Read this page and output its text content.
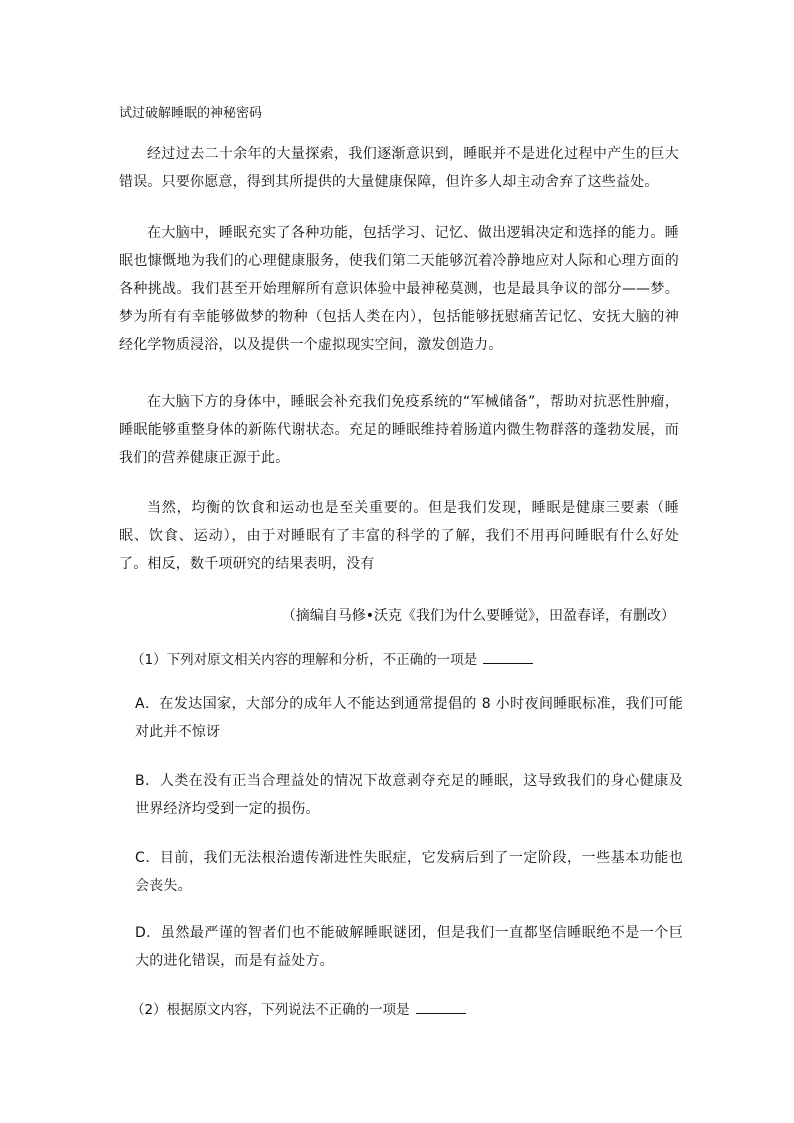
试过破解睡眠的神秘密码
经过过去二十余年的大量探索，我们逐渐意识到，睡眠并不是进化过程中产生的巨大错误。只要你愿意，得到其所提供的大量健康保障，但许多人却主动舍弃了这些益处。
在大脑中，睡眠充实了各种功能，包括学习、记忆、做出逻辑决定和选择的能力。睡眠也慷慨地为我们的心理健康服务，使我们第二天能够沉着冷静地应对人际和心理方面的各种挑战。我们甚至开始理解所有意识体验中最神秘莫测，也是最具争议的部分——梦。梦为所有有幸能够做梦的物种（包括人类在内），包括能够抚慰痛苦记忆、安抚大脑的神经化学物质浸浴，以及提供一个虚拟现实空间，激发创造力。
在大脑下方的身体中，睡眠会补充我们免疫系统的“军械储备”，帮助对抗恶性肿瘤，睡眠能够重整身体的新陈代谢状态。充足的睡眠维持着肠道内微生物群落的蓬勃发展，而我们的营养健康正源于此。
当然，均衡的饮食和运动也是至关重要的。但是我们发现，睡眠是健康三要素（睡眠、饮食、运动），由于对睡眠有了丰富的科学的了解，我们不用再问睡眠有什么好处了。相反，数千项研究的结果表明，没有
（摘编自马修•沃克《我们为什么要睡觉》，田盈春译，有删改）
（1）下列对原文相关内容的理解和分析，不正确的一项是
A．在发达国家，大部分的成年人不能达到通常提倡的 8 小时夜间睡眠标准，我们可能对此并不惊讶
B．人类在没有正当合理益处的情况下故意剥夺充足的睡眠，这导致我们的身心健康及世界经济均受到一定的损伤。
C．目前，我们无法根治遗传渐进性失眠症，它发病后到了一定阶段，一些基本功能也会丧失。
D．虽然最严谨的智者们也不能破解睡眠谜团，但是我们一直都坚信睡眠绝不是一个巨大的进化错误，而是有益处方。
（2）根据原文内容，下列说法不正确的一项是
